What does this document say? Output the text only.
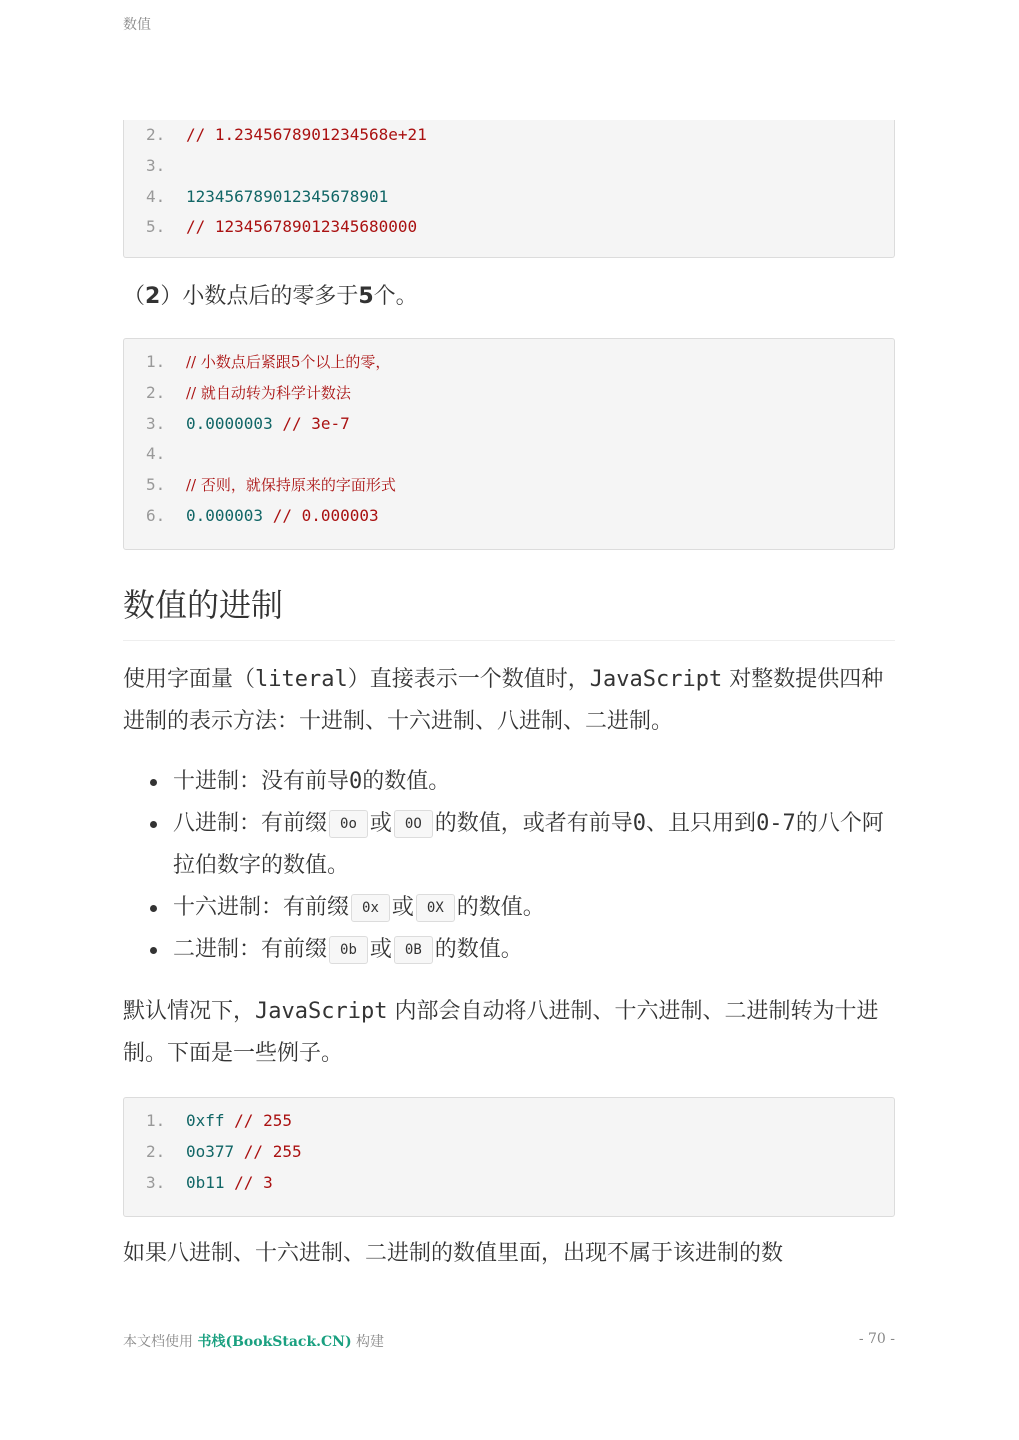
数值
2.	// 1.2345678901234568e+21
3.
4.	123456789012345678901
5.	// 123456789012345680000

（2）小数点后的零多于5个。

1.	// 小数点后紧跟5个以上的零，
2.	// 就自动转为科学计数法
3.	0.0000003 // 3e-7
4.
5.	// 否则，就保持原来的字面形式
6.	0.000003 // 0.000003
数值的进制

使用字面量（literal）直接表示一个数值时，JavaScript 对整数提供四种进制的表示方法：十进制、十六进制、八进制、二进制。

十进制：没有前导0的数值。
八进制：有前缀 0o 或 0O 的数值，或者有前导0、且只用到0-7的八个阿拉伯数字的数值。
十六进制：有前缀 0x 或 0X 的数值。
二进制：有前缀 0b 或 0B 的数值。

默认情况下，JavaScript 内部会自动将八进制、十六进制、二进制转为十进制。下面是一些例子。

1.	0xff // 255
2.	0o377 // 255
3.	0b11 // 3

如果八进制、十六进制、二进制的数值里面，出现不属于该进制的数

本文档使用 书栈(BookStack.CN) 构建	- 70 -
